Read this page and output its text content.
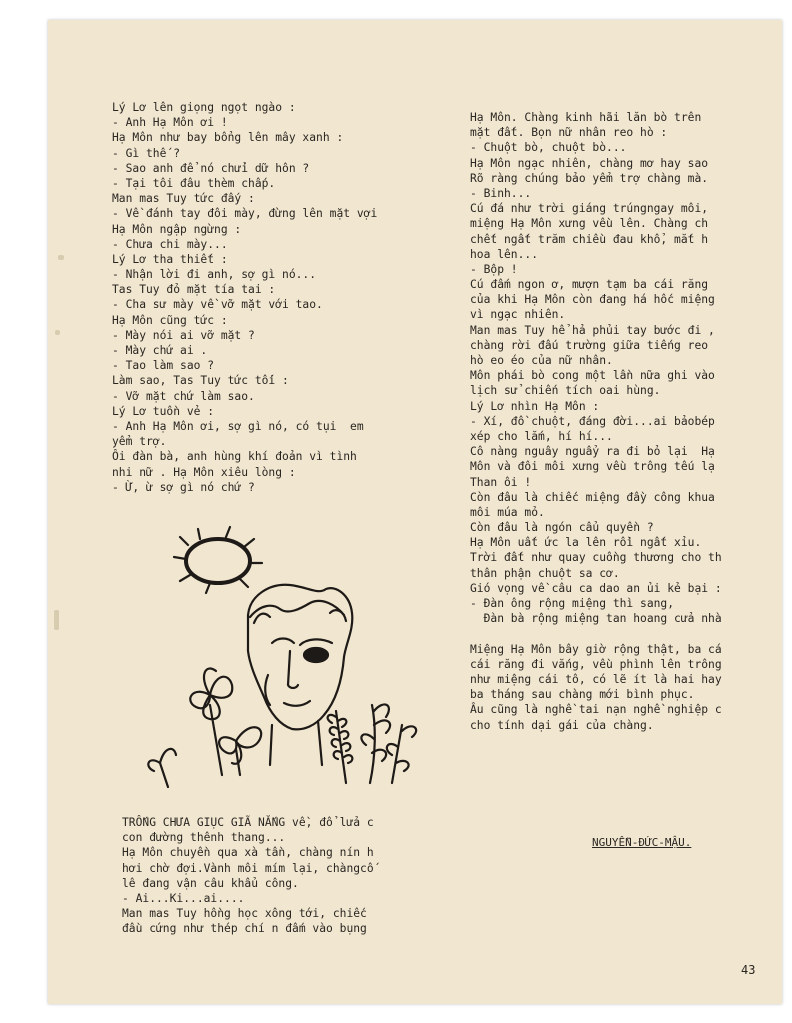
Lý Lơ lên giọng ngọt ngào :
- Anh Hạ Môn ơi !
Hạ Môn như bay bổng lên mây xanh :
- Gì thế ?
- Sao anh để nó chửi dữ hôn ?
- Tại tôi đâu thèm chấp.
Man mas Tuy tức đấy :
- Về đánh tay đôi mày, đừng lên mặt vợi
Hạ Môn ngập ngừng :
- Chưa chi mày...
Lý Lơ tha thiết :
- Nhận lời đi anh, sợ gì nó...
Tas Tuy đỏ mặt tía tai :
- Cha sư mày về vỡ mặt với tao.
Hạ Môn cũng tức :
- Mày nói ai vỡ mặt ?
- Mày chứ ai .
- Tao làm sao ?
Làm sao, Tas Tuy tức tối :
- Vỡ mặt chứ làm sao.
Lý Lơ tuồn vẻ :
- Anh Hạ Môn ơi, sợ gì nó, có tụi  em
yểm trợ.
Ôi đàn bà, anh hùng khí đoản vì tình
nhi nữ . Hạ Môn xiêu lòng :
- Ừ, ừ sợ gì nó chứ ?
TRỐNG CHƯA GIỤC GIÃ NẮNG về, đổ lửa c
con đường thênh thang...
Hạ Môn chuyền qua xà tần, chàng nín h
hơi chờ đợi.Vành môi mím lại, chàngcố
lê đang vận câu khẩu công.
- Ai...Ki...ai....
Man mas Tuy hồng học xông tới, chiếc
đầu cứng như thép chí n đấm vào bụng
Hạ Môn. Chàng kinh hãi lăn bò trên
mặt đất. Bọn nữ nhân reo hò :
- Chuột bò, chuột bò...
Hạ Môn ngạc nhiên, chàng mơ hay sao
Rõ ràng chúng bảo yểm trợ chàng mà.
- Binh...
Cú đá như trời giáng trúngngay môi,
miệng Hạ Môn xưng vều lên. Chàng ch
chết ngất trăm chiều đau khổ, mắt h
hoa lên...
- Bộp !
Cú đấm ngon ơ, mượn tạm ba cái răng
của khi Hạ Môn còn đang há hốc miệng
vì ngạc nhiên.
Man mas Tuy hể hả phủi tay bước đi ,
chàng rời đấu trường giữa tiếng reo
hò eo éo của nữ nhân.
Môn phái bò cong một lần nữa ghi vào
lịch sử chiến tích oai hùng.
Lý Lơ nhìn Hạ Môn :
- Xí, đồ chuột, đáng đời...ai bảobép
xép cho lắm, hí hí...
Cô nàng nguây nguẩy ra đi bỏ lại  Hạ
Môn và đôi môi xưng vều trông tếu lạ
Than ôi !
Còn đâu là chiếc miệng đầy công khua
môi múa mỏ.
Còn đâu là ngón cẩu quyền ?
Hạ Môn uất ức la lên rồi ngất xỉu.
Trời đất như quay cuồng thương cho th
thân phận chuột sa cơ.
Gió vọng về câu ca dao an ủi kẻ bại :
- Đàn ông rộng miệng thì sang,
Đàn bà rộng miệng tan hoang cửa nhà
Miệng Hạ Môn bây giờ rộng thật, ba cá
cái răng đi vắng, vều phình lên trông
như miệng cái tô, có lẽ ít là hai hay
ba tháng sau chàng mới bình phục.
Âu cũng là nghề tai nạn nghề nghiệp c
cho tính dại gái của chàng.
NGUYỄN-ĐỨC-MẬU.
43
